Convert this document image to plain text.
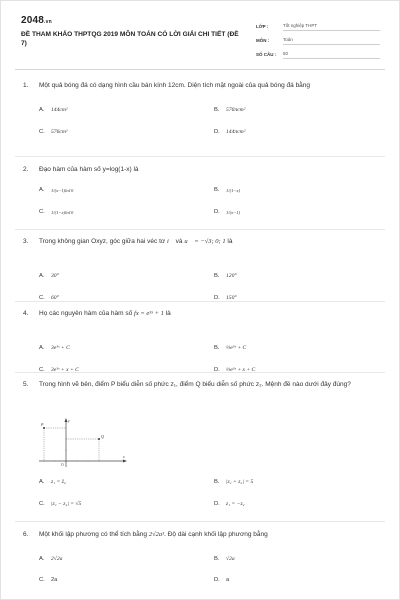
2048.vn
ĐỀ THAM KHẢO THPTQG 2019 MÔN TOÁN CÓ LỜI GIẢI CHI TIẾT (ĐỀ 7)
LỚP :	Tốt nghiệp THPT
MÔN :	Toán
SỐ CÂU :	50
1.	Một quả bóng đá có dạng hình cầu bán kính 12cm. Diện tích mặt ngoài của quả bóng đá bằng
A.	144cm²	B.	576πcm²
C.	576cm²	D.	144πcm²
2.	Đạo hàm của hàm số y=log(1-x) là
A.	1/(x−1)ln10	B.	1/(1−x)
C.	1/(1−x)ln10	D.	1/(x−1)
3.	Trong không gian Oxyz, góc giữa hai véc tơ i⃗ và u⃗ = −√3; 0; 1 là
A.	30°	B.	120°
C.	60°	D.	150°
4.	Họ các nguyên hàm của hàm số fx = e³ˣ + 1 là
A.	3e³ˣ + C	B.	⅓e³ˣ + C
C.	3e³ˣ + x + C	D.	⅓e³ˣ + x + C
5.	Trong hình vẽ bên, điểm P biểu diễn số phức z₁, điểm Q biểu diễn số phức z₂. Mệnh đề nào dưới đây đúng?
P
Q
O
x
y
A.	z₁ = z̄₂	B.	|z₁ + z₂| = 5
C.	|z₁ − z₂| = √5	D.	z₁ = −z₂
6.	Một khối lập phương có thể tích bằng 2√2a³. Độ dài cạnh khối lập phương bằng
A.	2√2a	B.	√2a
C.	2a	D.	a
